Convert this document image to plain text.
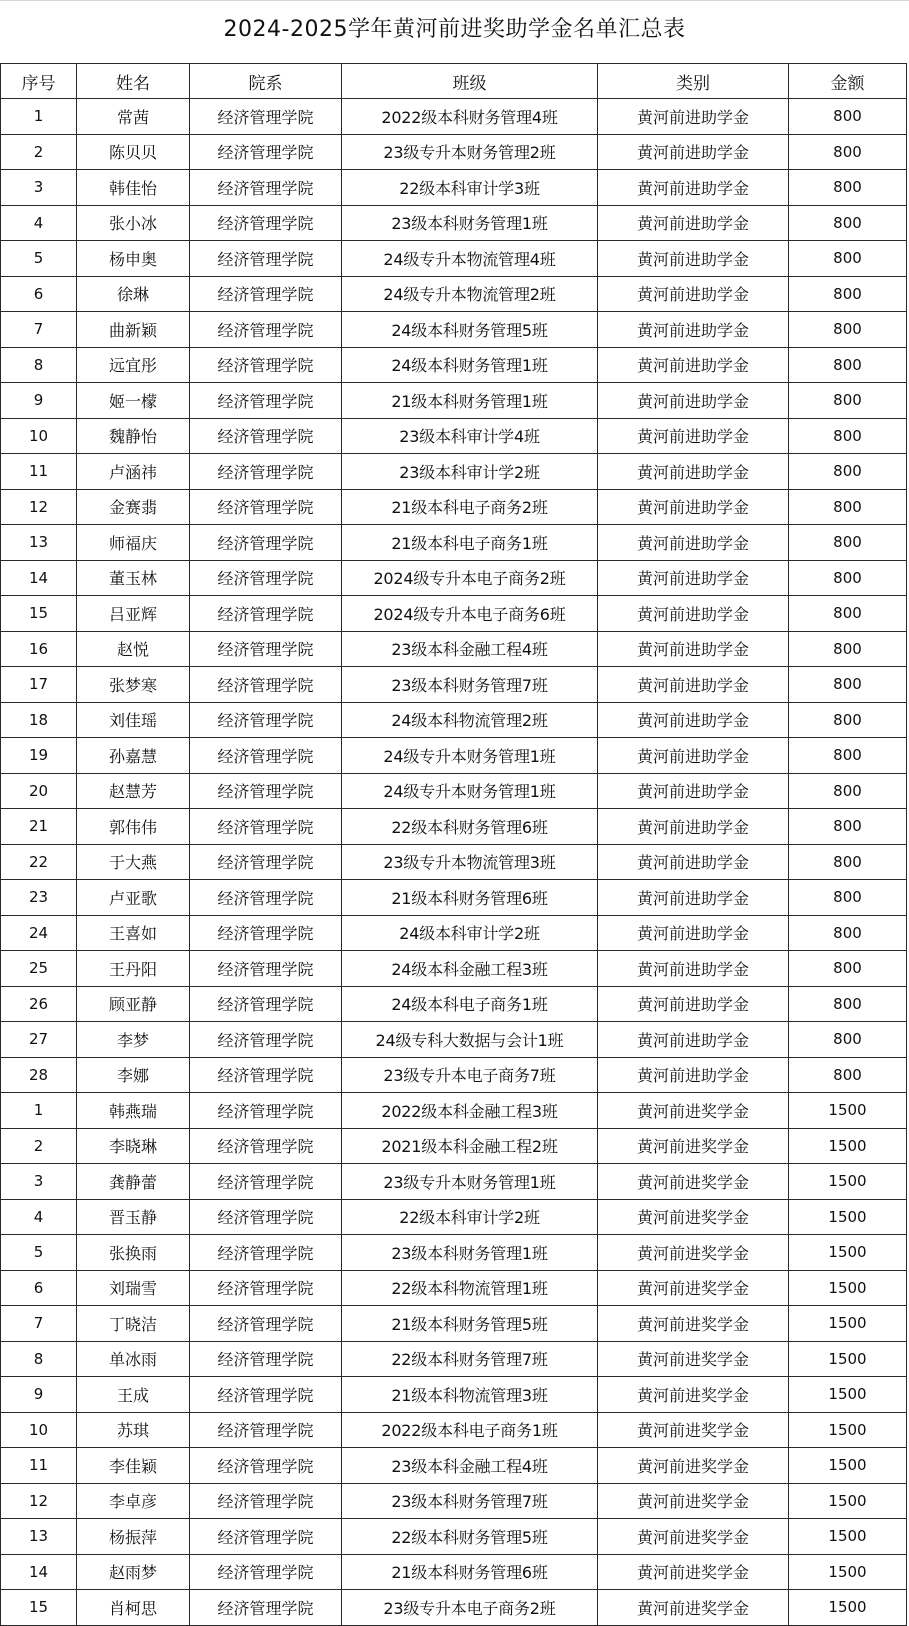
2024-2025学年黄河前进奖助学金名单汇总表
序号	姓名	院系	班级	类别	金额
1	常茜	经济管理学院	2022级本科财务管理4班	黄河前进助学金	800
2	陈贝贝	经济管理学院	23级专升本财务管理2班	黄河前进助学金	800
3	韩佳怡	经济管理学院	22级本科审计学3班	黄河前进助学金	800
4	张小冰	经济管理学院	23级本科财务管理1班	黄河前进助学金	800
5	杨申奥	经济管理学院	24级专升本物流管理4班	黄河前进助学金	800
6	徐琳	经济管理学院	24级专升本物流管理2班	黄河前进助学金	800
7	曲新颖	经济管理学院	24级本科财务管理5班	黄河前进助学金	800
8	远宜彤	经济管理学院	24级本科财务管理1班	黄河前进助学金	800
9	姬一檬	经济管理学院	21级本科财务管理1班	黄河前进助学金	800
10	魏静怡	经济管理学院	23级本科审计学4班	黄河前进助学金	800
11	卢涵祎	经济管理学院	23级本科审计学2班	黄河前进助学金	800
12	金赛翡	经济管理学院	21级本科电子商务2班	黄河前进助学金	800
13	师福庆	经济管理学院	21级本科电子商务1班	黄河前进助学金	800
14	董玉林	经济管理学院	2024级专升本电子商务2班	黄河前进助学金	800
15	吕亚辉	经济管理学院	2024级专升本电子商务6班	黄河前进助学金	800
16	赵悦	经济管理学院	23级本科金融工程4班	黄河前进助学金	800
17	张梦寒	经济管理学院	23级本科财务管理7班	黄河前进助学金	800
18	刘佳瑶	经济管理学院	24级本科物流管理2班	黄河前进助学金	800
19	孙嘉慧	经济管理学院	24级专升本财务管理1班	黄河前进助学金	800
20	赵慧芳	经济管理学院	24级专升本财务管理1班	黄河前进助学金	800
21	郭伟伟	经济管理学院	22级本科财务管理6班	黄河前进助学金	800
22	于大燕	经济管理学院	23级专升本物流管理3班	黄河前进助学金	800
23	卢亚歌	经济管理学院	21级本科财务管理6班	黄河前进助学金	800
24	王喜如	经济管理学院	24级本科审计学2班	黄河前进助学金	800
25	王丹阳	经济管理学院	24级本科金融工程3班	黄河前进助学金	800
26	顾亚静	经济管理学院	24级本科电子商务1班	黄河前进助学金	800
27	李梦	经济管理学院	24级专科大数据与会计1班	黄河前进助学金	800
28	李娜	经济管理学院	23级专升本电子商务7班	黄河前进助学金	800
1	韩燕瑞	经济管理学院	2022级本科金融工程3班	黄河前进奖学金	1500
2	李晓琳	经济管理学院	2021级本科金融工程2班	黄河前进奖学金	1500
3	龚静蕾	经济管理学院	23级专升本财务管理1班	黄河前进奖学金	1500
4	晋玉静	经济管理学院	22级本科审计学2班	黄河前进奖学金	1500
5	张换雨	经济管理学院	23级本科财务管理1班	黄河前进奖学金	1500
6	刘瑞雪	经济管理学院	22级本科物流管理1班	黄河前进奖学金	1500
7	丁晓洁	经济管理学院	21级本科财务管理5班	黄河前进奖学金	1500
8	单冰雨	经济管理学院	22级本科财务管理7班	黄河前进奖学金	1500
9	王成	经济管理学院	21级本科物流管理3班	黄河前进奖学金	1500
10	苏琪	经济管理学院	2022级本科电子商务1班	黄河前进奖学金	1500
11	李佳颖	经济管理学院	23级本科金融工程4班	黄河前进奖学金	1500
12	李卓彦	经济管理学院	23级本科财务管理7班	黄河前进奖学金	1500
13	杨振萍	经济管理学院	22级本科财务管理5班	黄河前进奖学金	1500
14	赵雨梦	经济管理学院	21级本科财务管理6班	黄河前进奖学金	1500
15	肖柯思	经济管理学院	23级专升本电子商务2班	黄河前进奖学金	1500
